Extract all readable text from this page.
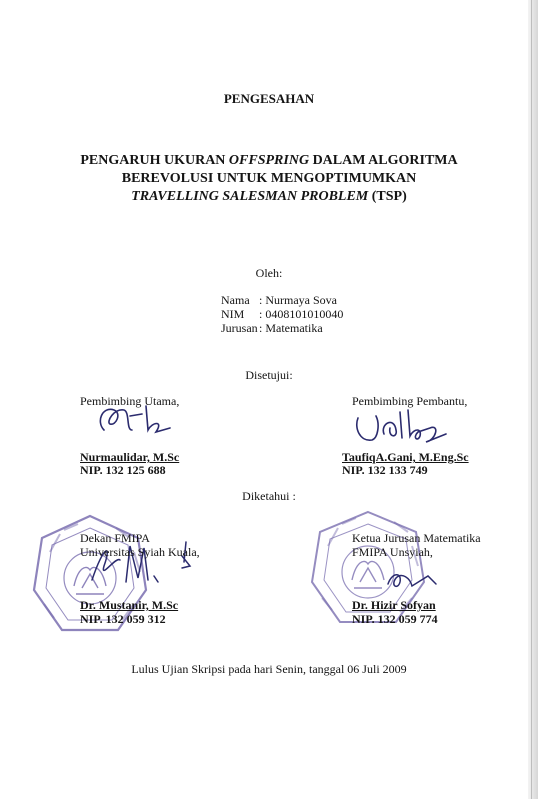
PENGESAHAN
PENGARUH UKURAN OFFSPRING DALAM ALGORITMA
BEREVOLUSI UNTUK MENGOPTIMUMKAN
TRAVELLING SALESMAN PROBLEM (TSP)
Oleh:
Nama : Nurmaya Sova
NIM : 0408101010040
Jurusan: Matematika
Disetujui:
Pembimbing Utama,
Nurmaulidar, M.Sc
NIP. 132 125 688
Pembimbing Pembantu,
TaufiqA.Gani, M.Eng.Sc
NIP. 132 133 749
Diketahui :
Dekan FMIPA
Universitas Syiah Kuala,
Dr. Mustanir, M.Sc
NIP. 132 059 312
Ketua Jurusan Matematika
FMIPA Unsyiah,
Dr. Hizir Sofyan
NIP. 132 059 774
Lulus Ujian Skripsi pada hari Senin, tanggal 06 Juli 2009
